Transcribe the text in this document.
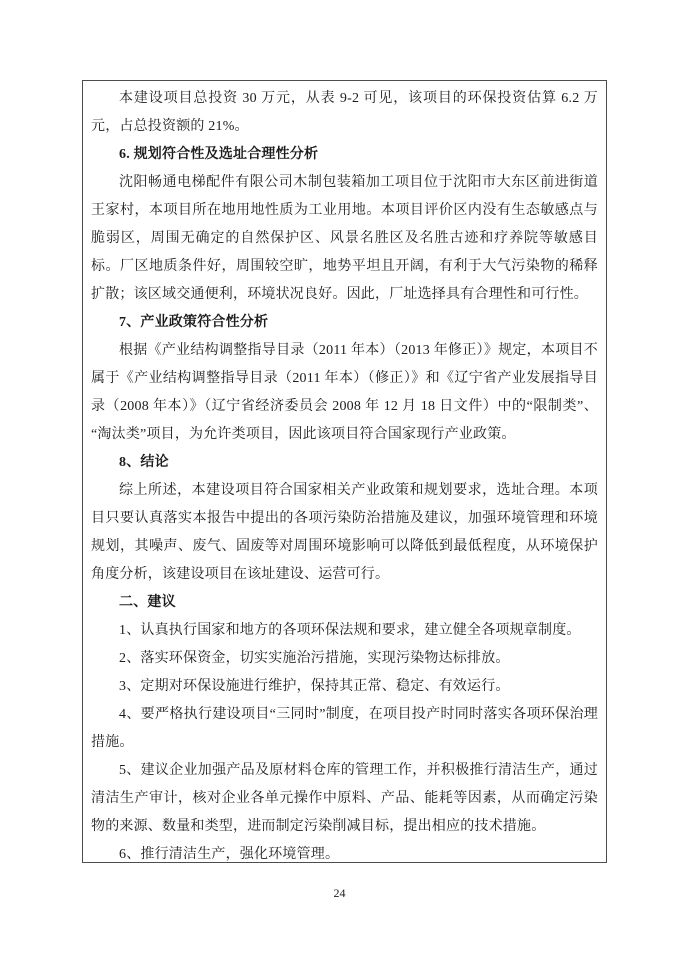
本建设项目总投资 30 万元，从表 9-2 可见，该项目的环保投资估算 6.2 万元，占总投资额的 21%。

6. 规划符合性及选址合理性分析

沈阳畅通电梯配件有限公司木制包装箱加工项目位于沈阳市大东区前进街道王家村，本项目所在地用地性质为工业用地。本项目评价区内没有生态敏感点与脆弱区，周围无确定的自然保护区、风景名胜区及名胜古迹和疗养院等敏感目标。厂区地质条件好，周围较空旷，地势平坦且开阔，有利于大气污染物的稀释扩散；该区域交通便利，环境状况良好。因此，厂址选择具有合理性和可行性。

7、产业政策符合性分析

根据《产业结构调整指导目录（2011 年本）（2013 年修正）》规定，本项目不属于《产业结构调整指导目录（2011 年本）（修正）》和《辽宁省产业发展指导目录（2008 年本）》（辽宁省经济委员会 2008 年 12 月 18 日文件）中的“限制类”、“淘汰类”项目，为允许类项目，因此该项目符合国家现行产业政策。

8、结论

综上所述，本建设项目符合国家相关产业政策和规划要求，选址合理。本项目只要认真落实本报告中提出的各项污染防治措施及建议，加强环境管理和环境规划，其噪声、废气、固废等对周围环境影响可以降低到最低程度，从环境保护角度分析，该建设项目在该址建设、运营可行。

二、建议

1、认真执行国家和地方的各项环保法规和要求，建立健全各项规章制度。

2、落实环保资金，切实实施治污措施，实现污染物达标排放。

3、定期对环保设施进行维护，保持其正常、稳定、有效运行。

4、要严格执行建设项目“三同时”制度，在项目投产时同时落实各项环保治理措施。

5、建议企业加强产品及原材料仓库的管理工作，并积极推行清洁生产，通过清洁生产审计，核对企业各单元操作中原料、产品、能耗等因素，从而确定污染物的来源、数量和类型，进而制定污染削减目标，提出相应的技术措施。

6、推行清洁生产，强化环境管理。

24
